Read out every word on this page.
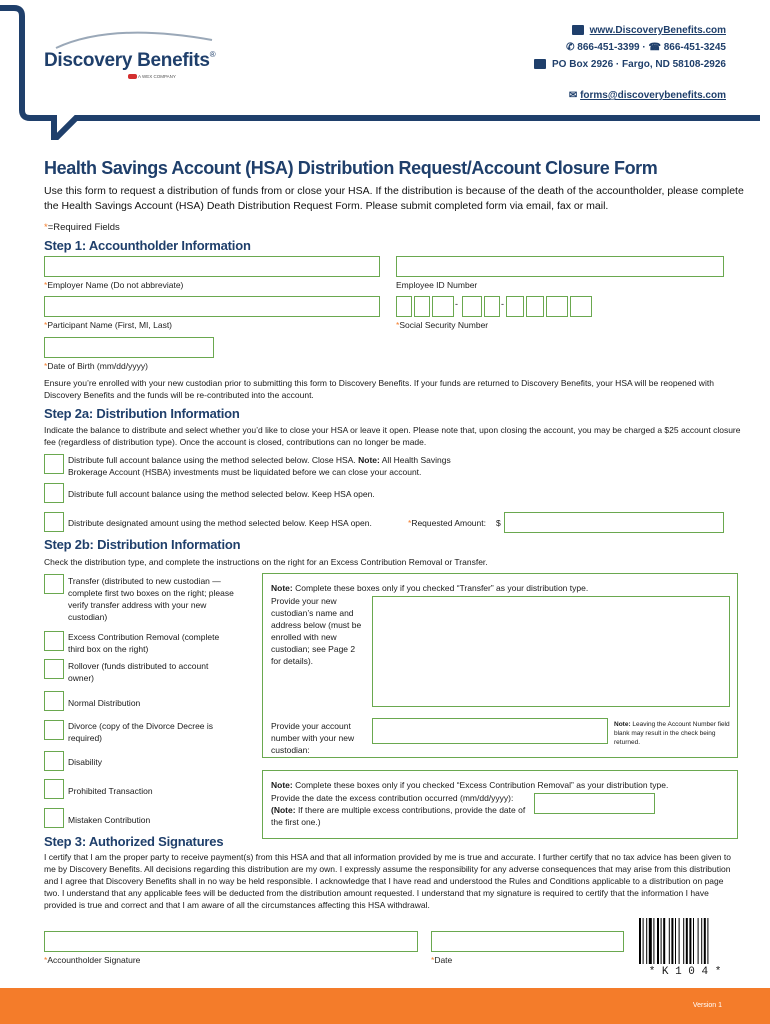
Discovery Benefits®
A WEX COMPANY
www.DiscoveryBenefits.com
✆ 866-451-3399 · ☎ 866-451-3245
PO Box 2926 · Fargo, ND 58108-2926
✉ forms@discoverybenefits.com
Health Savings Account (HSA) Distribution Request/Account Closure Form
Use this form to request a distribution of funds from or close your HSA. If the distribution is because of the death of the accountholder, please complete the Health Savings Account (HSA) Death Distribution Request Form. Please submit completed form via email, fax or mail.
*=Required Fields
Step 1: Accountholder Information
*Employer Name (Do not abbreviate)	Employee ID Number
-	-
*Participant Name (First, MI, Last)	*Social Security Number
*Date of Birth (mm/dd/yyyy)
Ensure you’re enrolled with your new custodian prior to submitting this form to Discovery Benefits. If your funds are returned to Discovery Benefits, your HSA will be reopened with Discovery Benefits and the funds will be re-contributed into the account.
Step 2a: Distribution Information
Indicate the balance to distribute and select whether you’d like to close your HSA or leave it open. Please note that, upon closing the account, you may be charged a $25 account closure fee (regardless of distribution type). Once the account is closed, contributions can no longer be made.
Distribute full account balance using the method selected below. Close HSA. Note: All Health Savings Brokerage Account (HSBA) investments must be liquidated before we can close your account.
Distribute full account balance using the method selected below. Keep HSA open.
Distribute designated amount using the method selected below. Keep HSA open.	*Requested Amount: $
Step 2b: Distribution Information
Check the distribution type, and complete the instructions on the right for an Excess Contribution Removal or Transfer.
Transfer (distributed to new custodian — complete first two boxes on the right; please verify transfer address with your new custodian)
Excess Contribution Removal (complete third box on the right)
Rollover (funds distributed to account owner)
Normal Distribution
Divorce (copy of the Divorce Decree is required)
Disability
Prohibited Transaction
Mistaken Contribution
Note: Complete these boxes only if you checked “Transfer” as your distribution type.
Provide your new custodian’s name and address below (must be enrolled with new custodian; see Page 2 for details).
Provide your account number with your new custodian:
Note: Leaving the Account Number field blank may result in the check being returned.
Note: Complete these boxes only if you checked “Excess Contribution Removal” as your distribution type.
Provide the date the excess contribution occurred (mm/dd/yyyy): (Note: If there are multiple excess contributions, provide the date of the first one.)
Step 3: Authorized Signatures
I certify that I am the proper party to receive payment(s) from this HSA and that all information provided by me is true and accurate. I further certify that no tax advice has been given to me by Discovery Benefits. All decisions regarding this distribution are my own. I expressly assume the responsibility for any adverse consequences that may arise from this distribution and I agree that Discovery Benefits shall in no way be held responsible. I acknowledge that I have read and understood the Rules and Conditions applicable to a distribution on page two. I understand that any applicable fees will be deducted from the distribution amount requested. I understand that my signature is required to certify that the information I have provided is true and correct and that I am aware of all the circumstances affecting this HSA withdrawal.
*Accountholder Signature	*Date
* K 1 0 4 *
Version 1
